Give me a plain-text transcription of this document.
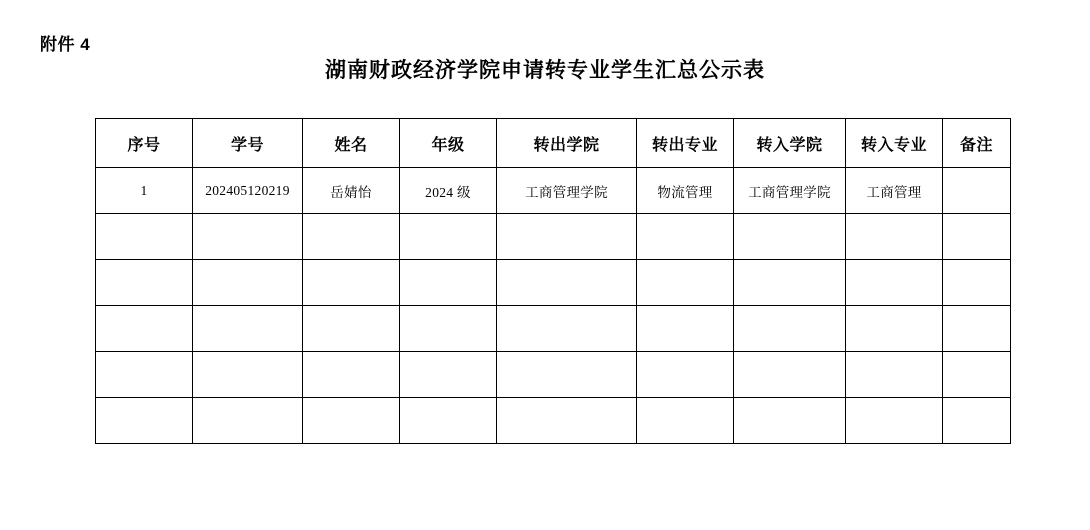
附件 4
湖南财政经济学院申请转专业学生汇总公示表
序号	学号	姓名	年级	转出学院	转出专业	转入学院	转入专业	备注
1	202405120219	岳婧怡	2024 级	工商管理学院	物流管理	工商管理学院	工商管理	
